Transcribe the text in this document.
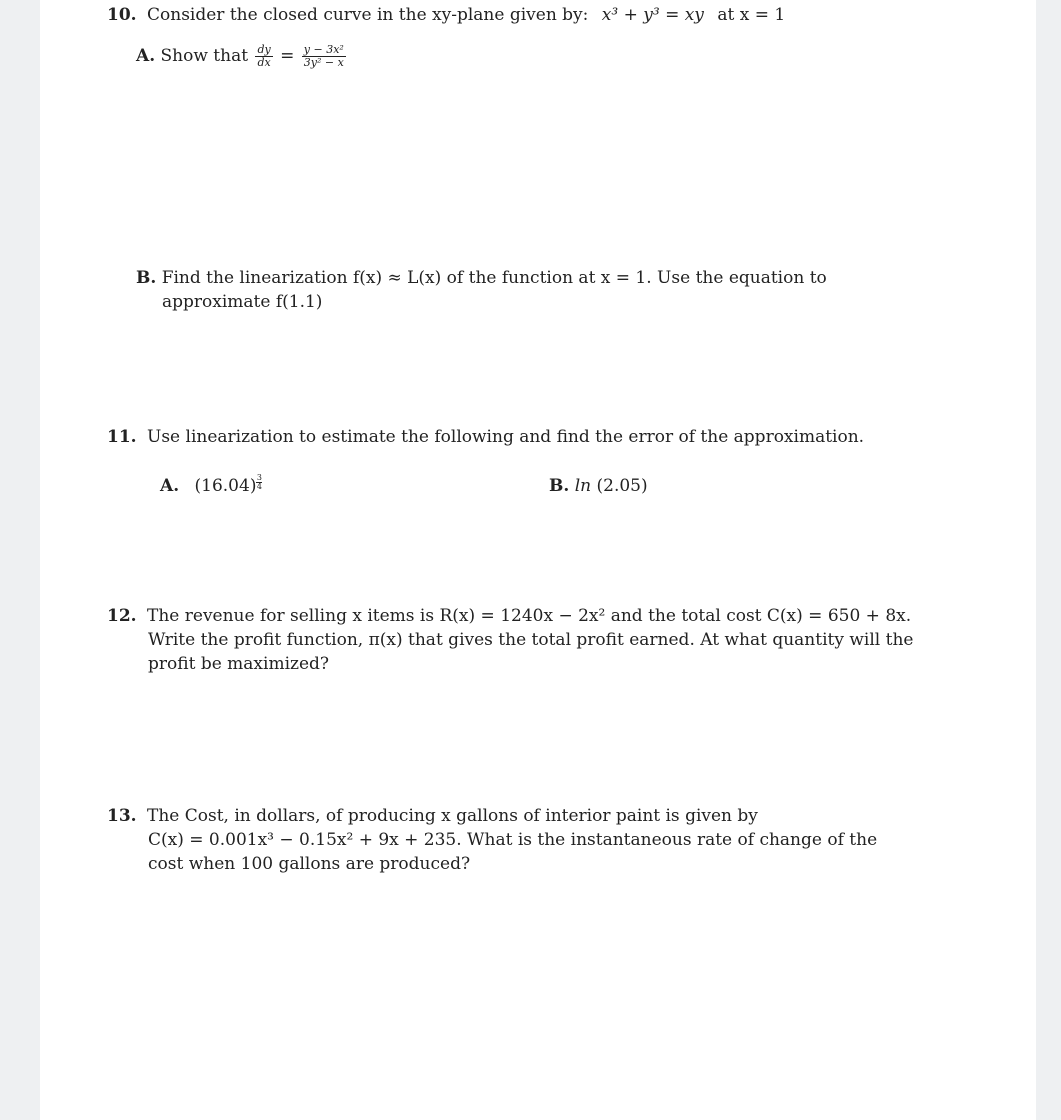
10. Consider the closed curve in the xy-plane given by: x³ + y³ = xy at x = 1
A. Show that $\frac{dy}{dx} = \frac{\text{y − 3x²}}{\text{3y² − x}}$
B. Find the linearization f(x) ≈ L(x) of the function at x = 1. Use the equation to
approximate f(1.1)
11. Use linearization to estimate the following and find the error of the approximation.
A. $(16.04) \frac{3}{4}$	B. ln (2.05)
12. The revenue for selling x items is R(x) = 1240x − 2x² and the total cost C(x) = 650 + 8x.
Write the profit function, π(x) that gives the total profit earned. At what quantity will the
profit be maximized?
13. The Cost, in dollars, of producing x gallons of interior paint is given by
C(x) = 0.001x³ − 0.15x² + 9x + 235. What is the instantaneous rate of change of the
cost when 100 gallons are produced?
